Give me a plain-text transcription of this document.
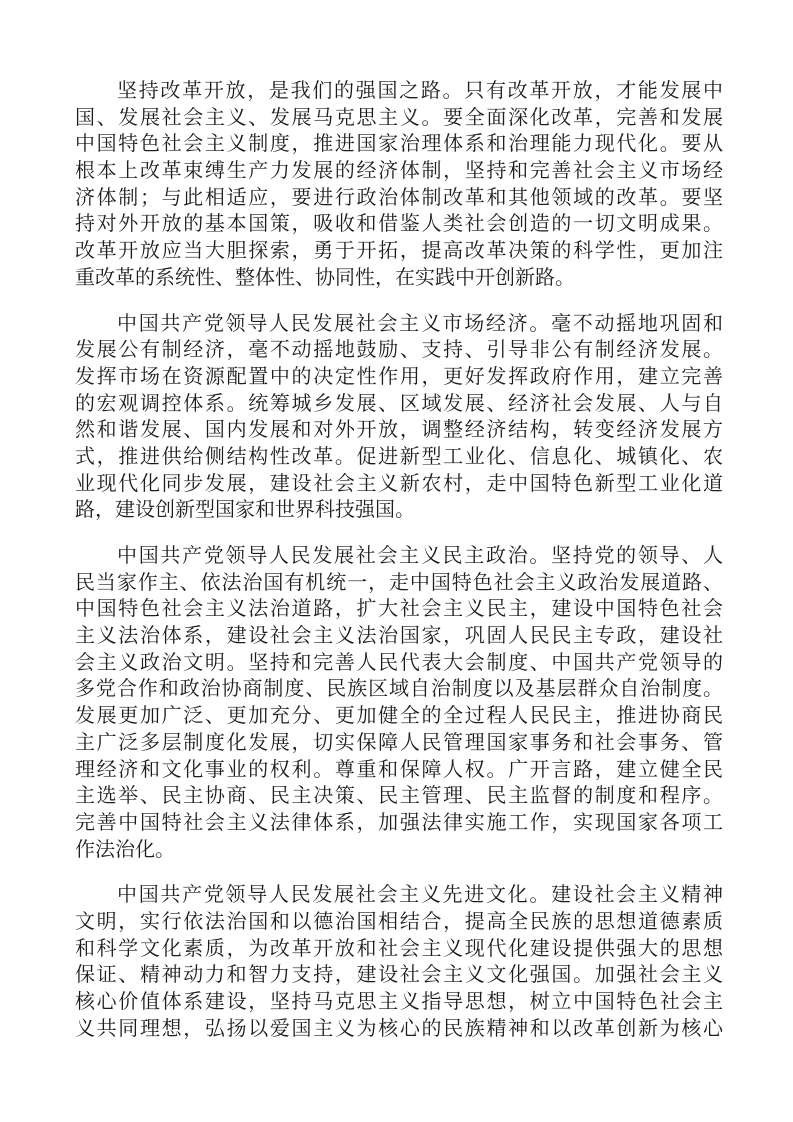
坚持改革开放，是我们的强国之路。只有改革开放，才能发展中
国、发展社会主义、发展马克思主义。要全面深化改革，完善和发展
中国特色社会主义制度，推进国家治理体系和治理能力现代化。要从
根本上改革束缚生产力发展的经济体制，坚持和完善社会主义市场经
济体制；与此相适应，要进行政治体制改革和其他领域的改革。要坚
持对外开放的基本国策，吸收和借鉴人类社会创造的一切文明成果。
改革开放应当大胆探索，勇于开拓，提高改革决策的科学性，更加注
重改革的系统性、整体性、协同性，在实践中开创新路。
中国共产党领导人民发展社会主义市场经济。毫不动摇地巩固和
发展公有制经济，毫不动摇地鼓励、支持、引导非公有制经济发展。
发挥市场在资源配置中的决定性作用，更好发挥政府作用，建立完善
的宏观调控体系。统筹城乡发展、区域发展、经济社会发展、人与自
然和谐发展、国内发展和对外开放，调整经济结构，转变经济发展方
式，推进供给侧结构性改革。促进新型工业化、信息化、城镇化、农
业现代化同步发展，建设社会主义新农村，走中国特色新型工业化道
路，建设创新型国家和世界科技强国。
中国共产党领导人民发展社会主义民主政治。坚持党的领导、人
民当家作主、依法治国有机统一，走中国特色社会主义政治发展道路、
中国特色社会主义法治道路，扩大社会主义民主，建设中国特色社会
主义法治体系，建设社会主义法治国家，巩固人民民主专政，建设社
会主义政治文明。坚持和完善人民代表大会制度、中国共产党领导的
多党合作和政治协商制度、民族区域自治制度以及基层群众自治制度。
发展更加广泛、更加充分、更加健全的全过程人民民主，推进协商民
主广泛多层制度化发展，切实保障人民管理国家事务和社会事务、管
理经济和文化事业的权利。尊重和保障人权。广开言路，建立健全民
主选举、民主协商、民主决策、民主管理、民主监督的制度和程序。
完善中国特社会主义法律体系，加强法律实施工作，实现国家各项工
作法治化。
中国共产党领导人民发展社会主义先进文化。建设社会主义精神
文明，实行依法治国和以德治国相结合，提高全民族的思想道德素质
和科学文化素质，为改革开放和社会主义现代化建设提供强大的思想
保证、精神动力和智力支持，建设社会主义文化强国。加强社会主义
核心价值体系建设，坚持马克思主义指导思想，树立中国特色社会主
义共同理想，弘扬以爱国主义为核心的民族精神和以改革创新为核心
